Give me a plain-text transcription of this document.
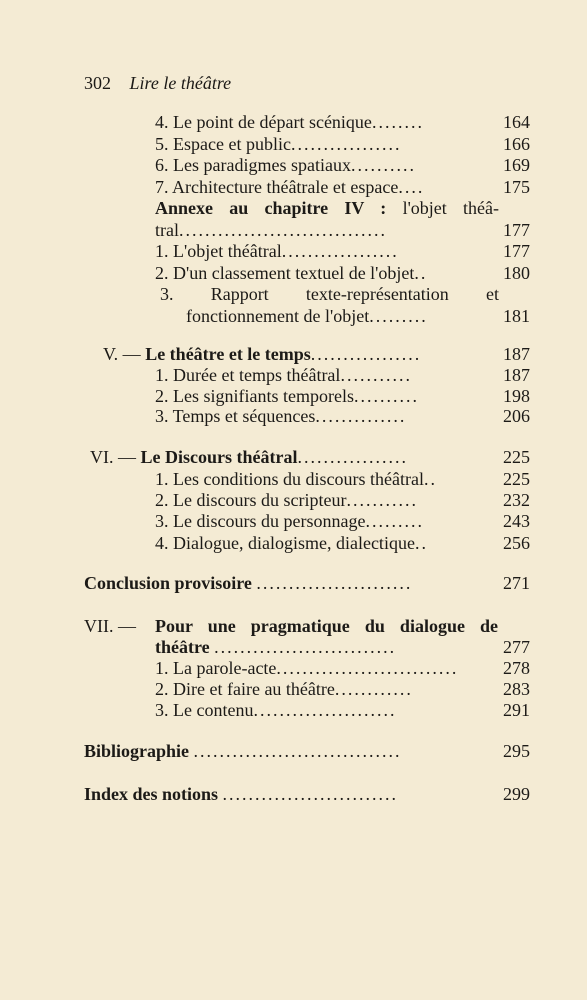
302 Lire le théâtre
4. Le point de départ scénique........	164
5. Espace et public.................	166
6. Les paradigmes spatiaux..........	169
7. Architecture théâtrale et espace....	175
Annexe au chapitre IV : l'objet théâ-
tral................................	177
1. L'objet théâtral..................	177
2. D'un classement textuel de l'objet..	180
3. Rapport texte-représentation et
fonctionnement de l'objet.........	181
V. — Le théâtre et le temps.................	187
1. Durée et temps théâtral...........	187
2. Les signifiants temporels..........	198
3. Temps et séquences..............	206
VI. — Le Discours théâtral.................	225
1. Les conditions du discours théâtral..	225
2. Le discours du scripteur...........	232
3. Le discours du personnage.........	243
4. Dialogue, dialogisme, dialectique..	256
Conclusion provisoire ........................	271
VII. — Pour une pragmatique du dialogue de
théâtre ............................	277
1. La parole-acte............................ 278
2. Dire et faire au théâtre............	283
3. Le contenu......................	291
Bibliographie ................................	295
Index des notions ...........................	299
